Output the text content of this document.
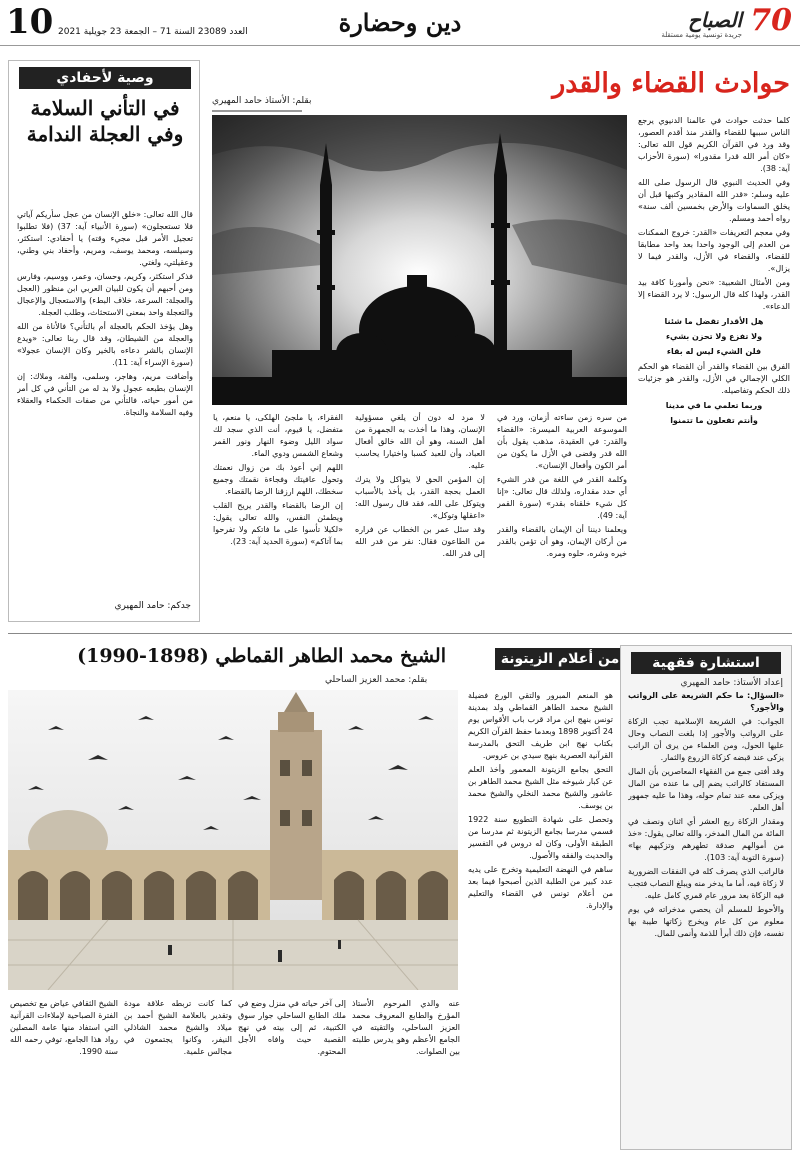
10 العدد 23089 السنة 71 – الجمعة 23 جويلية 2021	دين وحضارة	70
الصباح
جريدة تونسية يومية مستقلة
وصية لأحفادي
في التأني السلامة وفي العجلة الندامة

قال الله تعالى: «خلق الإنسان من عجل سأريكم آياتي فلا تستعجلون» (سورة الأنبياء آية: 37) (فلا تطلبوا تعجيل الأمر قبل مجيء وقته) يا أحفادي: استكثر، وسيلسه، ومحمد يوسف، ومريم، وأحفاد بني وطني، وعقيلتي، ولغتي.

فذكر استكثر، وكريم، وحسان، وعمر، ووسيم، وفارس ومن أحبهم أن يكون للبيان العربي ابن منظور (العجل والعجلة: السرعة، خلاف البطء) والاستعجال والإعجال والتعجلة واحد بمعنى الاستحثاث، وطلب العجلة.

وهل يؤخذ الحكم بالعجلة أم بالتأني؟ فالأناة من الله والعجلة من الشيطان، وقد قال ربنا تعالى: «ويدع الإنسان بالشر دعاءه بالخير وكان الإنسان عجولا» (سورة الإسراء آية: 11).

وأضافت مريم، وهاجر، وسلمى، والفة، وملاك: إن الإنسان بطبعه عجول ولا بد له من التأني في كل أمر من أمور حياته، فالتأني من صفات الحكماء والعقلاء وفيه السلامة والنجاة.

جدكم: حامد المهيري
بقلم: الأستاذ حامد المهيري
حوادث القضاء والقدر

كلما حدثت حوادث في عالمنا الدنيوي يرجع الناس سببها للقضاء والقدر منذ أقدم العصور، وقد ورد في القرآن الكريم قول الله تعالى: «كان أمر الله قدرا مقدورا» (سورة الأحزاب آية: 38).

وفي الحديث النبوي قال الرسول صلى الله عليه وسلم: «قدر الله المقادير وكتبها قبل أن يخلق السماوات والأرض بخمسين ألف سنة» رواه أحمد ومسلم.

وفي معجم التعريفات «القدر: خروج الممكنات من العدم إلى الوجود واحدا بعد واحد مطابقا للقضاء، والقضاء في الأزل، والقدر فيما لا يزال».

ومن الأمثال الشعبية: «نحن وأمورنا كافة بيد القدر، ولهذا كله قال الرسول: لا يرد القضاء إلا الدعاء».

هل الأقدار تقضل ما شئنا
ولا تفزع ولا تحزن بشيء
فلن الشيء ليس له بقاء

الفرق بين القضاء والقدر أن القضاء هو الحكم الكلي الإجمالي في الأزل، والقدر هو جزئيات ذلك الحكم وتفاصيله.

وربما تعلمي ما في مدينا
وأنتم تفعلون ما تتمنوا

من سره زمن ساءته أزمان، ورد في الموسوعة العربية الميسرة: «القضاء والقدر: في العقيدة، مذهب يقول بأن الله قدر وقضى في الأزل ما يكون من أمر الكون وأفعال الإنسان».

وكلمة القدر في اللغة من قدر الشيء أي حدد مقداره، ولذلك قال تعالى: «إنا كل شيء خلقناه بقدر» (سورة القمر آية: 49).

ويعلمنا ديننا أن الإيمان بالقضاء والقدر من أركان الإيمان، وهو أن تؤمن بالقدر خيره وشره، حلوه ومره.

لا مرد له دون أن يلغي مسؤولية الإنسان، وهذا ما أخذت به الجمهرة من أهل السنة، وهو أن الله خالق أفعال العباد، وأن للعبد كسبا واختيارا يحاسب عليه.

إن المؤمن الحق لا يتواكل ولا يترك العمل بحجة القدر، بل يأخذ بالأسباب ويتوكل على الله، فقد قال رسول الله: «اعقلها وتوكل».

وقد سئل عمر بن الخطاب عن فراره من الطاعون فقال: نفر من قدر الله إلى قدر الله.

الفقراء، يا ملجئ الهلكى، يا منعم، يا متفضل، يا قيوم، أنت الذي سجد لك سواد الليل وضوء النهار ونور القمر وشعاع الشمس ودوي الماء.

اللهم إني أعوذ بك من زوال نعمتك وتحول عافيتك وفجاءة نقمتك وجميع سخطك، اللهم ارزقنا الرضا بالقضاء.

إن الرضا بالقضاء والقدر يريح القلب ويطمئن النفس، والله تعالى يقول: «لكيلا تأسوا على ما فاتكم ولا تفرحوا بما آتاكم» (سورة الحديد آية: 23).

من أعلام الزيتونة
الشيخ محمد الطاهر القماطي (1898-1990)
بقلم: محمد العزيز الساحلي

هو المنعم المبرور والتقي الورع فضيلة الشيخ محمد الطاهر القماطي ولد بمدينة تونس بنهج ابن مراد قرب باب الأقواس يوم 24 أكتوبر 1898 وبعدما حفظ القرآن الكريم بكتاب نهج ابن طريف التحق بالمدرسة القرآنية العصرية بنهج سيدي بن عروس.

التحق بجامع الزيتونة المعمور وأخذ العلم عن كبار شيوخه مثل الشيخ محمد الطاهر بن عاشور والشيخ محمد النخلي والشيخ محمد بن يوسف.

وتحصل على شهادة التطويع سنة 1922 فسمي مدرسا بجامع الزيتونة ثم مدرسا من الطبقة الأولى، وكان له دروس في التفسير والحديث والفقه والأصول.

ساهم في النهضة التعليمية وتخرج على يديه عدد كبير من الطلبة الذين أصبحوا فيما بعد من أعلام تونس في القضاء والتعليم والإدارة.

عنه والدي المرحوم الأستاذ المؤرخ والطابع المعروف محمد العزيز الساحلي، والتقيته في الجامع الأعظم وهو يدرس طلبته بين الصلوات.

إلى آخر حياته في منزل وضع في ملك الطابع الساحلي جوار سوق الكتبية، ثم إلى بيته في نهج القصبة حيث وافاه الأجل المحتوم.

كما كانت تربطه علاقة مودة وتقدير بالعلامة الشيخ أحمد بن ميلاد والشيخ محمد الشاذلي النيفر، وكانوا يجتمعون في مجالس علمية.

الشيخ الثقافي عياض مع تخصيص الفترة الصباحية لإملاءات القرآنية التي استفاد منها عامة المصلين رواد هذا الجامع، توفي رحمه الله سنة 1990.

استشارة فقهية
إعداد الأستاذ: حامد المهيري

«السؤال: ما حكم الشريعة على الرواتب والأجور؟

الجواب: في الشريعة الإسلامية تجب الزكاة على الرواتب والأجور إذا بلغت النصاب وحال عليها الحول، ومن العلماء من يرى أن الراتب يزكى عند قبضه كزكاة الزروع والثمار.

وقد أفتى جمع من الفقهاء المعاصرين بأن المال المستفاد كالراتب يضم إلى ما عنده من المال ويزكى معه عند تمام حوله، وهذا ما عليه جمهور أهل العلم.

ومقدار الزكاة ربع العشر أي اثنان ونصف في المائة من المال المدخر، والله تعالى يقول: «خذ من أموالهم صدقة تطهرهم وتزكيهم بها» (سورة التوبة آية: 103).

فالراتب الذي يصرف كله في النفقات الضرورية لا زكاة فيه، أما ما يدخر منه ويبلغ النصاب فتجب فيه الزكاة بعد مرور عام قمري كامل عليه.

والأحوط للمسلم أن يحصي مدخراته في يوم معلوم من كل عام ويخرج زكاتها طيبة بها نفسه، فإن ذلك أبرأ للذمة وأنمى للمال.
